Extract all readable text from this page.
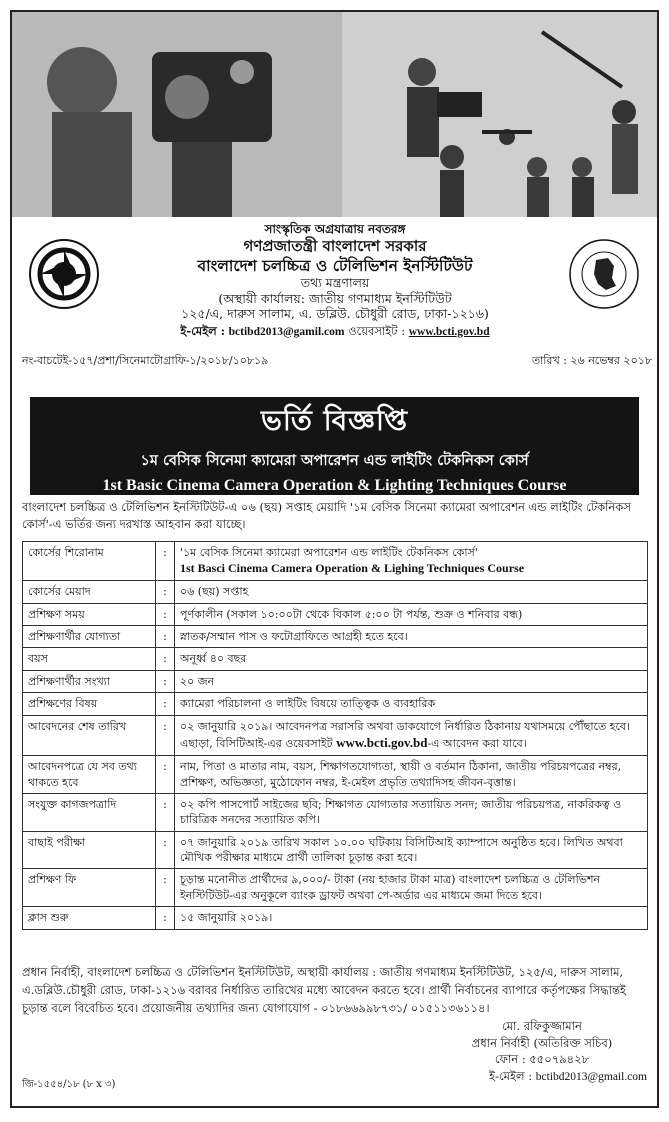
সাংস্কৃতিক অগ্রযাত্রায় নবতরঙ্গ
গণপ্রজাতন্ত্রী বাংলাদেশ সরকার
বাংলাদেশ চলচ্চিত্র ও টেলিভিশন ইনস্টিটিউট
তথ্য মন্ত্রণালয়
(অস্থায়ী কার্যালয়: জাতীয় গণমাধ্যম ইনস্টিটিউট
১২৫/এ, দারুস সালাম, এ. ডব্লিউ. চৌধুরী রোড, ঢাকা-১২১৬)
ই-মেইল : bctibd2013@gamil.com ওয়েবসাইট : www.bcti.gov.bd
নং-বাচটেই-১৫৭/প্রশা/সিনেমাটোগ্রাফি-১/২০১৮/১০৮১৯	তারিখ : ২৬ নভেম্বর ২০১৮
ভর্তি বিজ্ঞপ্তি
১ম বেসিক সিনেমা ক্যামেরা অপারেশন এন্ড লাইটিং টেকনিকস কোর্স
1st Basic Cinema Camera Operation & Lighting Techniques Course
বাংলাদেশ চলচ্চিত্র ও টেলিভিশন ইনস্টিটিউট-এ ০৬ (ছয়) সপ্তাহ মেয়াদি '১ম বেসিক সিনেমা ক্যামেরা অপারেশন এন্ড লাইটিং টেকনিকস কোর্স'-এ ভর্তির জন্য দরখাস্ত আহবান করা যাচ্ছে।
কোর্সের শিরোনাম	:	'১ম বেসিক সিনেমা ক্যামেরা অপারেশন এন্ড লাইটিং টেকনিকস কোর্স'
1st Basci Cinema Camera Operation & Lighing Techniques Course

কোর্সের মেয়াদ	:	০৬ (ছয়) সপ্তাহ
প্রশিক্ষণ সময়	:	পূর্ণকালীন (সকাল ১০:০০টা থেকে বিকাল ৫:০০ টা পর্যন্ত, শুক্র ও শনিবার বন্ধ)
প্রশিক্ষণার্থীর যোগ্যতা	:	স্নাতক/সম্মান পাস ও ফটোগ্রাফিতে আগ্রহী হতে হবে।
বয়স	:	অনূর্ধ্ব ৪০ বছর
প্রশিক্ষণার্থীর সংখ্যা	:	২০ জন
প্রশিক্ষণের বিষয়	:	ক্যামেরা পরিচালনা ও লাইটিং বিষয়ে তাত্ত্বিক ও ব্যবহারিক
আবেদনের শেষ তারিখ	:	০২ জানুয়ারি ২০১৯। আবেদনপত্র সরাসরি অথবা ডাকযোগে নির্ধারিত ঠিকানায় যথাসময়ে পৌঁছাতে হবে। এছাড়া, বিসিটিআই-এর ওয়েবসাইট www.bcti.gov.bd-এ আবেদন করা যাবে।
আবেদনপত্রে যে সব তথ্য থাকতে হবে	:	নাম, পিতা ও মাতার নাম, বয়স, শিক্ষাগতযোগ্যতা, স্থায়ী ও বর্তমান ঠিকানা, জাতীয় পরিচয়পত্রের নম্বর, প্রশিক্ষণ, অভিজ্ঞতা, মুঠোফোন নম্বর, ই-মেইল প্রভৃতি তথ্যাদিসহ জীবন-বৃত্তান্ত।
সংযুক্ত কাগজপত্রাদি	:	০২ কপি পাসপোর্ট সাইজের ছবি; শিক্ষাগত যোগ্যতার সত্যায়িত সনদ; জাতীয় পরিচয়পত্র, নাকরিকত্ব ও চারিত্রিক সনদের সত্যায়িত কপি।
বাছাই পরীক্ষা	:	০৭ জানুয়ারি ২০১৯ তারিখ সকাল ১০.০০ ঘটিকায় বিসিটিআই ক্যাম্পাসে অনুষ্ঠিত হবে। লিখিত অথবা মৌখিক পরীক্ষার মাধ্যমে প্রার্থী তালিকা চূড়ান্ত করা হবে।
প্রশিক্ষণ ফি	:	চূড়ান্ত মনোনীত প্রার্থীদের ৯,০০০/- টাকা (নয় হাজার টাকা মাত্র) বাংলাদেশ চলচ্চিত্র ও টেলিভিশন ইনস্টিটিউট-এর অনুকূলে ব্যাংক ড্রাফট অথবা পে-অর্ডার এর মাধ্যমে জমা দিতে হবে।
ক্লাস শুরু	:	১৫ জানুয়ারি ২০১৯।
প্রধান নির্বাহী, বাংলাদেশ চলচ্চিত্র ও টেলিভিশন ইনস্টিটিউট, অস্থায়ী কার্যালয় : জাতীয় গণমাধ্যম ইনস্টিটিউট, ১২৫/এ, দারুস সালাম, এ.ডব্লিউ.চৌধুরী রোড, ঢাকা-১২১৬ বরাবর নির্ধারিত তারিখের মধ্যে আবেদন করতে হবে। প্রার্থী নির্বাচনের ব্যাপারে কর্তৃপক্ষের সিদ্ধান্তই চূড়ান্ত বলে বিবেচিত হবে। প্রয়োজনীয় তথ্যাদির জন্য যোগাযোগ - ০১৮৬৬৯৯৮৭৩১/ ০১৫১১৩৬১১৪।
মো. রফিকুজ্জামান
প্রধান নির্বাহী (অতিরিক্ত সচিব)
ফোন : ৫৫০৭৯৪২৮
ই-মেইল : bctibd2013@gmail.com
জি-১৫৫৪/১৮ (৮ x ৩)
